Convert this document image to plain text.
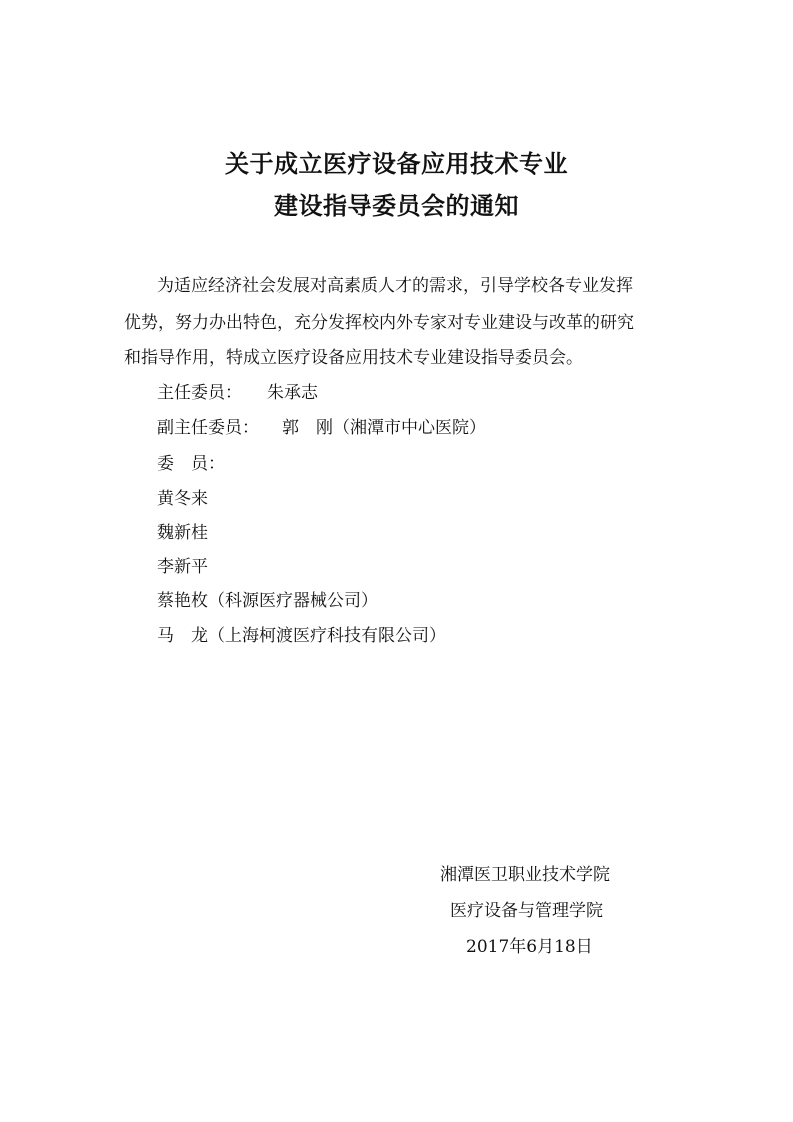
关于成立医疗设备应用技术专业
建设指导委员会的通知
为适应经济社会发展对高素质人才的需求，引导学校各专业发挥
优势，努力办出特色，充分发挥校内外专家对专业建设与改革的研究
和指导作用，特成立医疗设备应用技术专业建设指导委员会。
主任委员： 朱承志
副主任委员： 郭　刚（湘潭市中心医院）
委　员：
黄冬来
魏新桂
李新平
蔡艳枚（科源医疗器械公司）
马　龙（上海柯渡医疗科技有限公司）
湘潭医卫职业技术学院
医疗设备与管理学院
2017年6月18日
